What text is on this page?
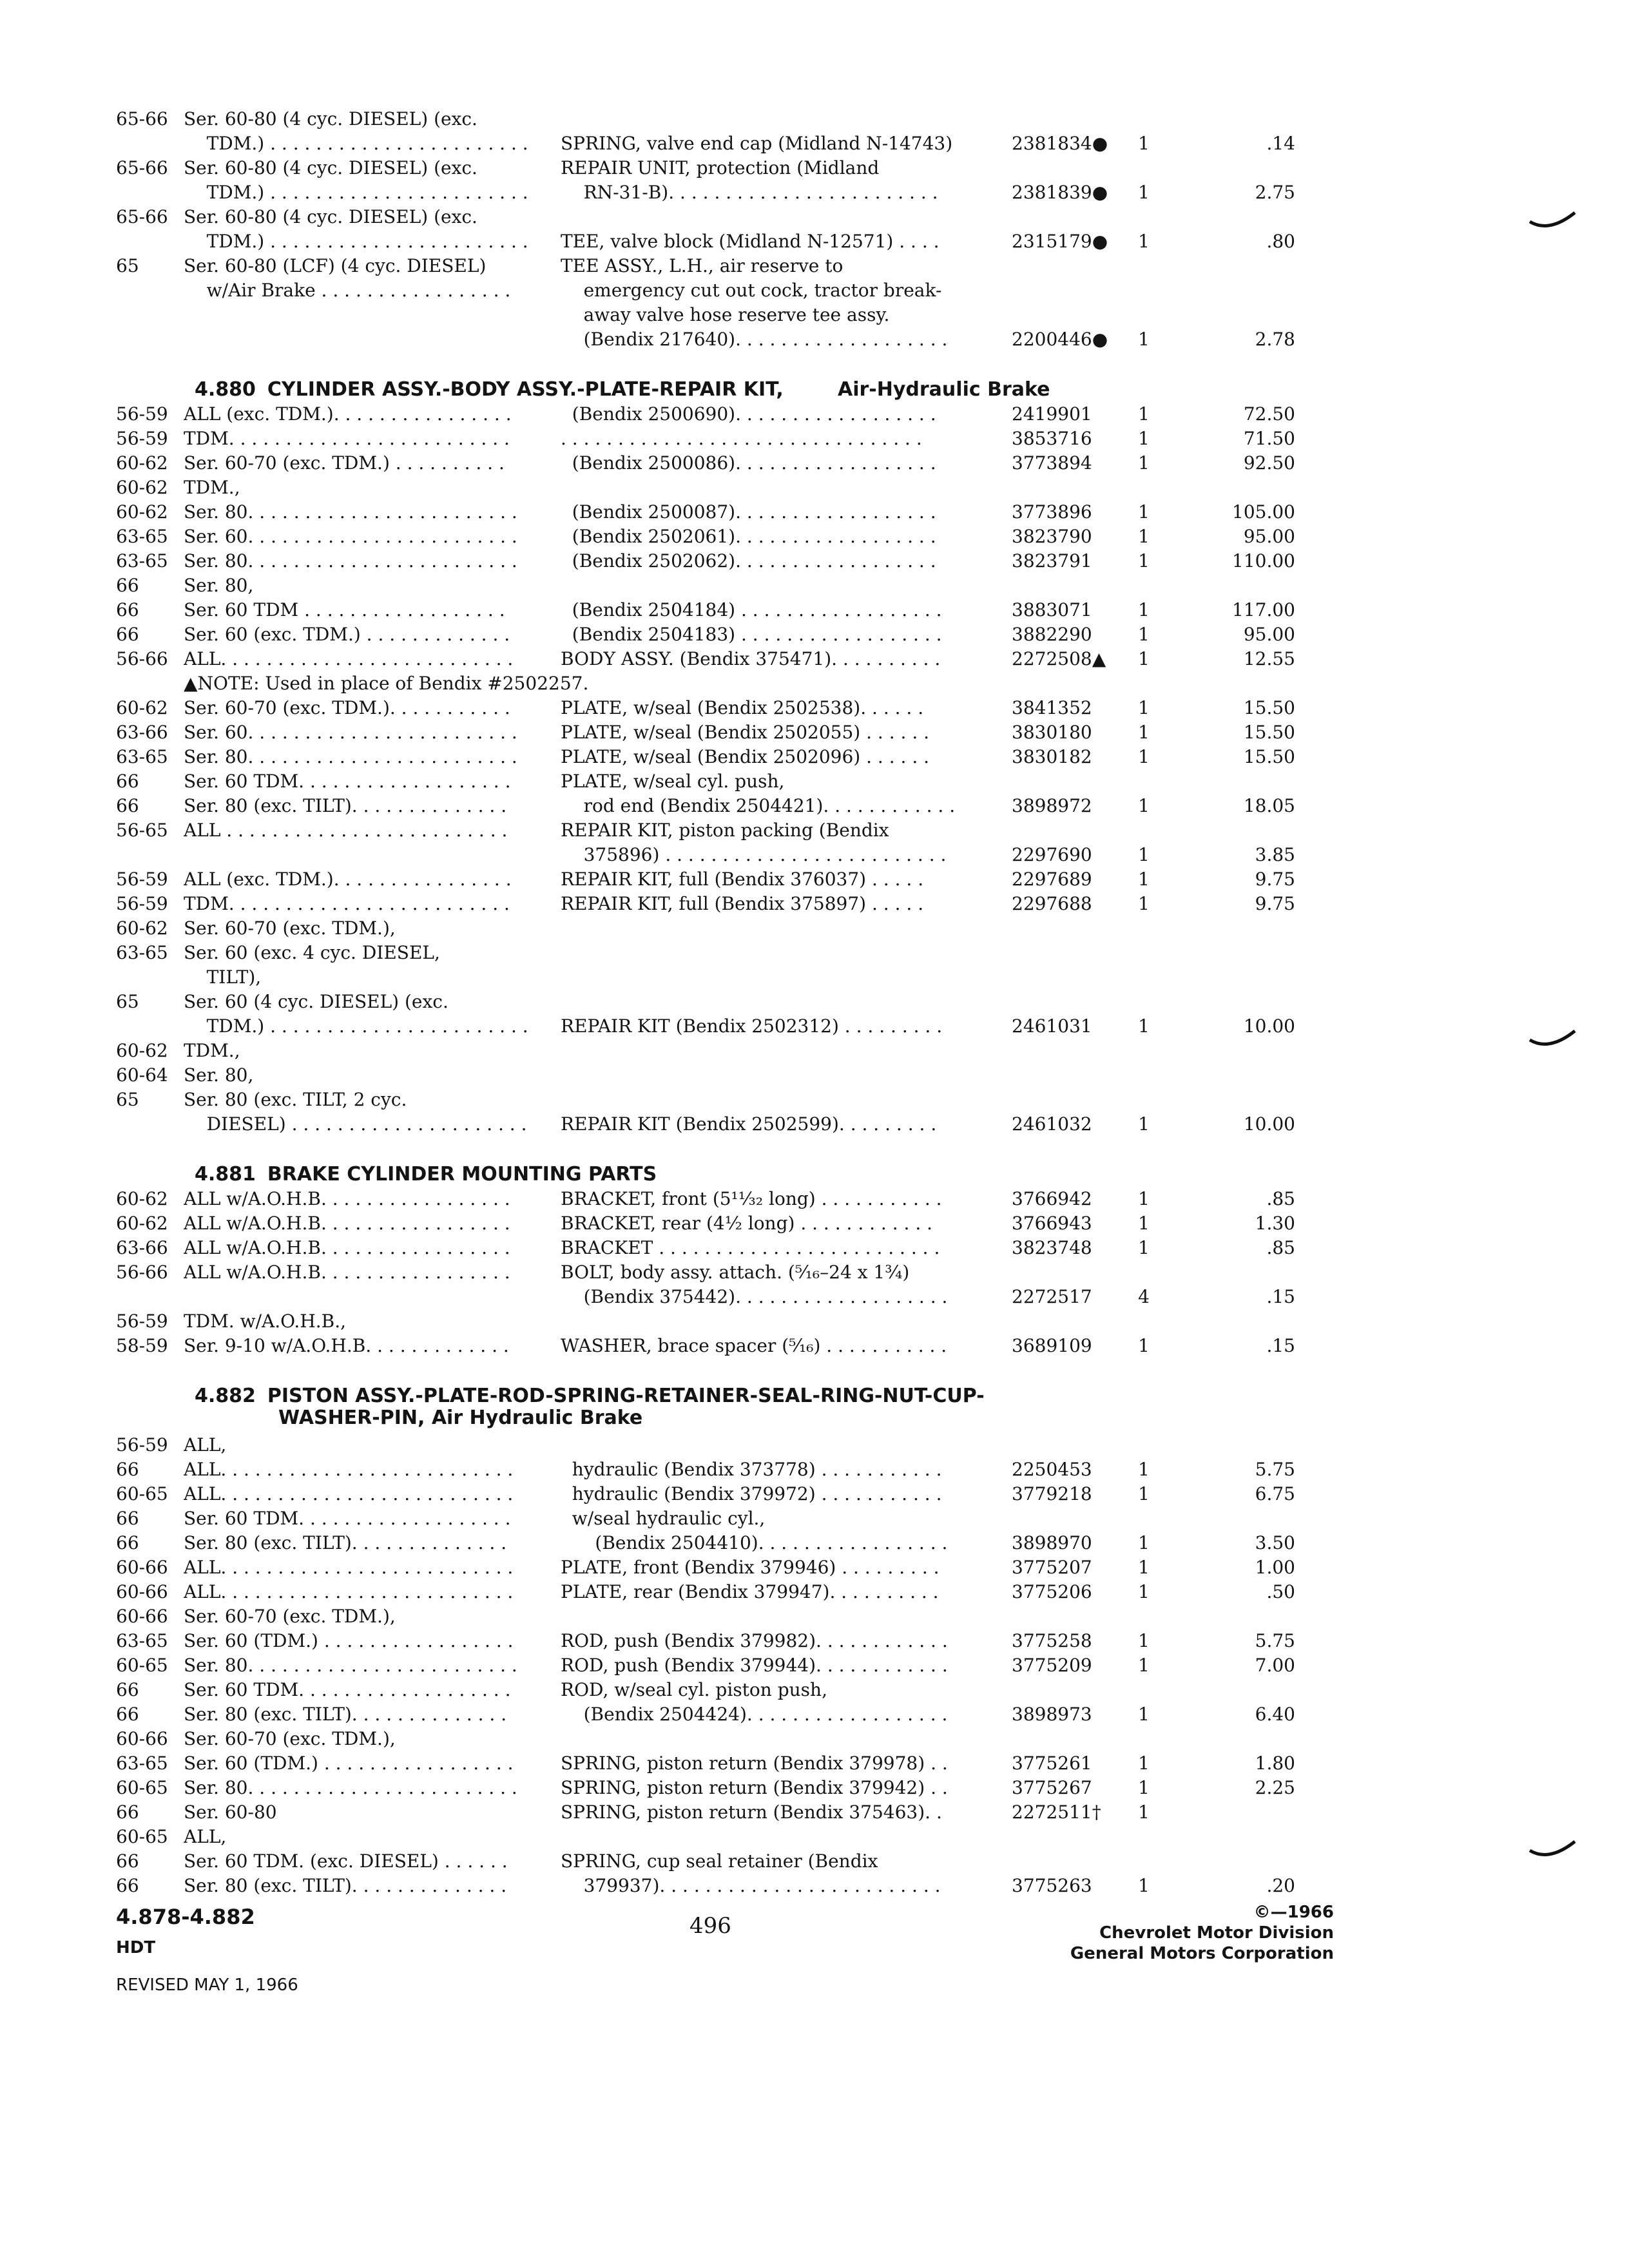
65-66 Ser. 60-80 (4 cyc. DIESEL) (exc.
TDM.) . . . . . . . . . . . . . . . . . . . . . . .	SPRING, valve end cap (Midland N-14743)	2381834●	1	.14
65-66 Ser. 60-80 (4 cyc. DIESEL) (exc.	REPAIR UNIT, protection (Midland
TDM.) . . . . . . . . . . . . . . . . . . . . . . .	RN-31-B). . . . . . . . . . . . . . . . . . . . . . . .	2381839●	1	2.75
65-66 Ser. 60-80 (4 cyc. DIESEL) (exc.
TDM.) . . . . . . . . . . . . . . . . . . . . . . .	TEE, valve block (Midland N-12571) . . . .	2315179●	1	.80
65	Ser. 60-80 (LCF) (4 cyc. DIESEL)	TEE ASSY., L.H., air reserve to
w/Air Brake . . . . . . . . . . . . . . . . .	emergency cut out cock, tractor break-
away valve hose reserve tee assy.
(Bendix 217640). . . . . . . . . . . . . . . . . . .	2200446●	1	2.78
4.880 CYLINDER ASSY.-BODY ASSY.-PLATE-REPAIR KIT,	Air-Hydraulic Brake
56-59 ALL (exc. TDM.). . . . . . . . . . . . . . . .	(Bendix 2500690). . . . . . . . . . . . . . . . . .	2419901	1	72.50
56-59 TDM. . . . . . . . . . . . . . . . . . . . . . . . .	. . . . . . . . . . . . . . . . . . . . . . . . . . . . . . . .	3853716	1	71.50
60-62 Ser. 60-70 (exc. TDM.) . . . . . . . . . .	(Bendix 2500086). . . . . . . . . . . . . . . . . .	3773894	1	92.50
60-62 TDM.,
60-62 Ser. 80. . . . . . . . . . . . . . . . . . . . . . . .	(Bendix 2500087). . . . . . . . . . . . . . . . . .	3773896	1	105.00
63-65 Ser. 60. . . . . . . . . . . . . . . . . . . . . . . .	(Bendix 2502061). . . . . . . . . . . . . . . . . .	3823790	1	95.00
63-65 Ser. 80. . . . . . . . . . . . . . . . . . . . . . . .	(Bendix 2502062). . . . . . . . . . . . . . . . . .	3823791	1	110.00
66	Ser. 80,
66	Ser. 60 TDM . . . . . . . . . . . . . . . . . .	(Bendix 2504184) . . . . . . . . . . . . . . . . . .	3883071	1	117.00
66	Ser. 60 (exc. TDM.) . . . . . . . . . . . . .	(Bendix 2504183) . . . . . . . . . . . . . . . . . .	3882290	1	95.00
56-66 ALL. . . . . . . . . . . . . . . . . . . . . . . . . .	BODY ASSY. (Bendix 375471). . . . . . . . . .	2272508▲	1	12.55
▲NOTE: Used in place of Bendix #2502257.
60-62 Ser. 60-70 (exc. TDM.). . . . . . . . . . .	PLATE, w/seal (Bendix 2502538). . . . . .	3841352	1	15.50
63-66 Ser. 60. . . . . . . . . . . . . . . . . . . . . . . .	PLATE, w/seal (Bendix 2502055) . . . . . .	3830180	1	15.50
63-65 Ser. 80. . . . . . . . . . . . . . . . . . . . . . . .	PLATE, w/seal (Bendix 2502096) . . . . . .	3830182	1	15.50
66	Ser. 60 TDM. . . . . . . . . . . . . . . . . . .	PLATE, w/seal cyl. push,
66	Ser. 80 (exc. TILT). . . . . . . . . . . . . .	rod end (Bendix 2504421). . . . . . . . . . . .	3898972	1	18.05
56-65 ALL . . . . . . . . . . . . . . . . . . . . . . . . .	REPAIR KIT, piston packing (Bendix
375896) . . . . . . . . . . . . . . . . . . . . . . . . .	2297690	1	3.85
56-59 ALL (exc. TDM.). . . . . . . . . . . . . . . .	REPAIR KIT, full (Bendix 376037) . . . . .	2297689	1	9.75
56-59 TDM. . . . . . . . . . . . . . . . . . . . . . . . .	REPAIR KIT, full (Bendix 375897) . . . . .	2297688	1	9.75
60-62 Ser. 60-70 (exc. TDM.),
63-65 Ser. 60 (exc. 4 cyc. DIESEL,
TILT),
65	Ser. 60 (4 cyc. DIESEL) (exc.
TDM.) . . . . . . . . . . . . . . . . . . . . . . .	REPAIR KIT (Bendix 2502312) . . . . . . . . .	2461031	1	10.00
60-62 TDM.,
60-64 Ser. 80,
65	Ser. 80 (exc. TILT, 2 cyc.
DIESEL) . . . . . . . . . . . . . . . . . . . . .	REPAIR KIT (Bendix 2502599). . . . . . . . .	2461032	1	10.00
4.881 BRAKE CYLINDER MOUNTING PARTS
60-62 ALL w/A.O.H.B. . . . . . . . . . . . . . . . .	BRACKET, front (5¹¹⁄₃₂ long) . . . . . . . . . . .	3766942	1	.85
60-62 ALL w/A.O.H.B. . . . . . . . . . . . . . . . .	BRACKET, rear (4½ long) . . . . . . . . . . . .	3766943	1	1.30
63-66 ALL w/A.O.H.B. . . . . . . . . . . . . . . . .	BRACKET . . . . . . . . . . . . . . . . . . . . . . . . .	3823748	1	.85
56-66 ALL w/A.O.H.B. . . . . . . . . . . . . . . . .	BOLT, body assy. attach. (⁵⁄₁₆–24 x 1¾)
(Bendix 375442). . . . . . . . . . . . . . . . . . .	2272517	4	.15
56-59 TDM. w/A.O.H.B.,
58-59 Ser. 9-10 w/A.O.H.B. . . . . . . . . . . . .	WASHER, brace spacer (⁵⁄₁₆) . . . . . . . . . . .	3689109	1	.15
4.882 PISTON ASSY.-PLATE-ROD-SPRING-RETAINER-SEAL-RING-NUT-CUP-
WASHER-PIN, Air Hydraulic Brake
56-59 ALL,
66	ALL. . . . . . . . . . . . . . . . . . . . . . . . . .	hydraulic (Bendix 373778) . . . . . . . . . . .	2250453	1	5.75
60-65 ALL. . . . . . . . . . . . . . . . . . . . . . . . . .	hydraulic (Bendix 379972) . . . . . . . . . . .	3779218	1	6.75
66	Ser. 60 TDM. . . . . . . . . . . . . . . . . . .	w/seal hydraulic cyl.,
66	Ser. 80 (exc. TILT). . . . . . . . . . . . . .	(Bendix 2504410). . . . . . . . . . . . . . . . .	3898970	1	3.50
60-66 ALL. . . . . . . . . . . . . . . . . . . . . . . . . .	PLATE, front (Bendix 379946) . . . . . . . . .	3775207	1	1.00
60-66 ALL. . . . . . . . . . . . . . . . . . . . . . . . . .	PLATE, rear (Bendix 379947). . . . . . . . . .	3775206	1	.50
60-66 Ser. 60-70 (exc. TDM.),
63-65 Ser. 60 (TDM.) . . . . . . . . . . . . . . . . .	ROD, push (Bendix 379982). . . . . . . . . . . .	3775258	1	5.75
60-65 Ser. 80. . . . . . . . . . . . . . . . . . . . . . . .	ROD, push (Bendix 379944). . . . . . . . . . . .	3775209	1	7.00
66	Ser. 60 TDM. . . . . . . . . . . . . . . . . . .	ROD, w/seal cyl. piston push,
66	Ser. 80 (exc. TILT). . . . . . . . . . . . . .	(Bendix 2504424). . . . . . . . . . . . . . . . . .	3898973	1	6.40
60-66 Ser. 60-70 (exc. TDM.),
63-65 Ser. 60 (TDM.) . . . . . . . . . . . . . . . . .	SPRING, piston return (Bendix 379978) . .	3775261	1	1.80
60-65 Ser. 80. . . . . . . . . . . . . . . . . . . . . . . .	SPRING, piston return (Bendix 379942) . .	3775267	1	2.25
66	Ser. 60-80	SPRING, piston return (Bendix 375463). .	2272511†	1
60-65 ALL,
66	Ser. 60 TDM. (exc. DIESEL) . . . . . .	SPRING, cup seal retainer (Bendix
66	Ser. 80 (exc. TILT). . . . . . . . . . . . . .	379937). . . . . . . . . . . . . . . . . . . . . . . . .	3775263	1	.20
4.878-4.882
HDT
REVISED MAY 1, 1966
496
©—1966
Chevrolet Motor Division
General Motors Corporation
